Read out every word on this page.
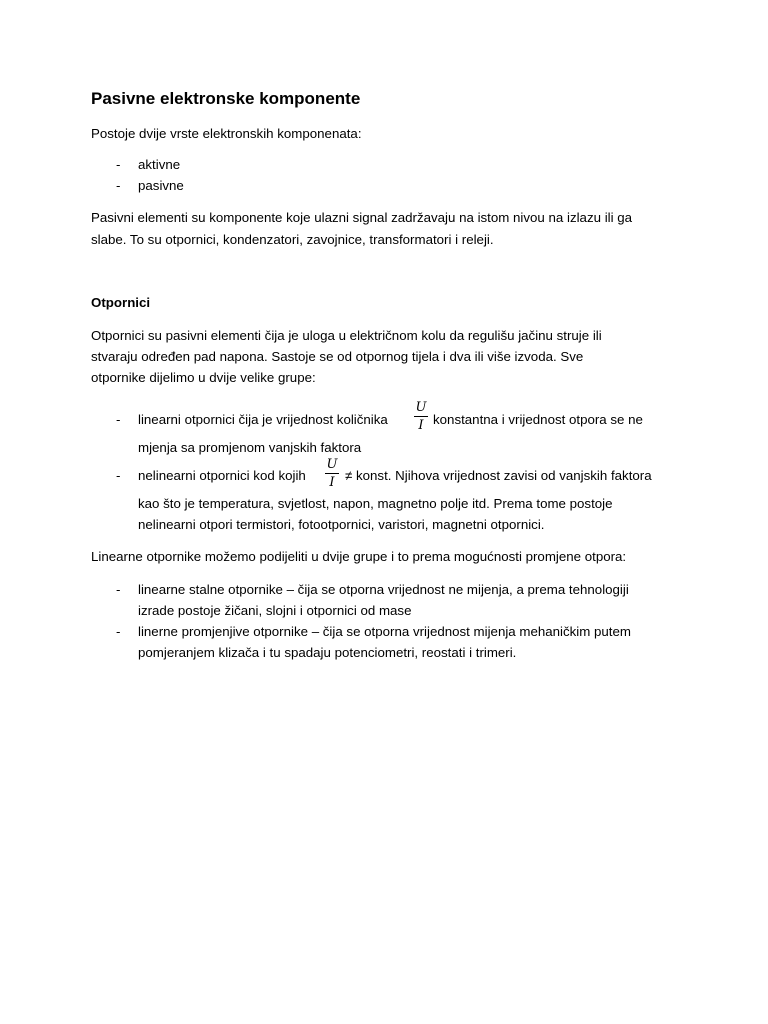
Pasivne elektronske komponente
Postoje dvije vrste elektronskih komponenata:
- aktivne
- pasivne
Pasivni elementi su komponente koje ulazni signal zadržavaju na istom nivou na izlazu ili ga
slabe. To su otpornici, kondenzatori, zavojnice, transformatori i releji.
Otpornici
Otpornici su pasivni elementi čija je uloga u električnom kolu da regulišu jačinu struje ili
stvaraju određen pad napona. Sastoje se od otpornog tijela i dva ili više izvoda. Sve
otpornike dijelimo u dvije velike grupe:
- linearni otpornici čija je vrijednost količnika
U
I konstantna i vrijednost otpora se ne
mjenja sa promjenom vanjskih faktora
- nelinearni otpornici kod kojih
U
I ≠ konst. Njihova vrijednost zavisi od vanjskih faktora
kao što je temperatura, svjetlost, napon, magnetno polje itd. Prema tome postoje
nelinearni otpori termistori, fotootpornici, varistori, magnetni otpornici.
Linearne otpornike možemo podijeliti u dvije grupe i to prema mogućnosti promjene otpora:
- linearne stalne otpornike – čija se otporna vrijednost ne mijenja, a prema tehnologiji
izrade postoje žičani, slojni i otpornici od mase
- linerne promjenjive otpornike – čija se otporna vrijednost mijenja mehaničkim putem
pomjeranjem klizača i tu spadaju potenciometri, reostati i trimeri.
